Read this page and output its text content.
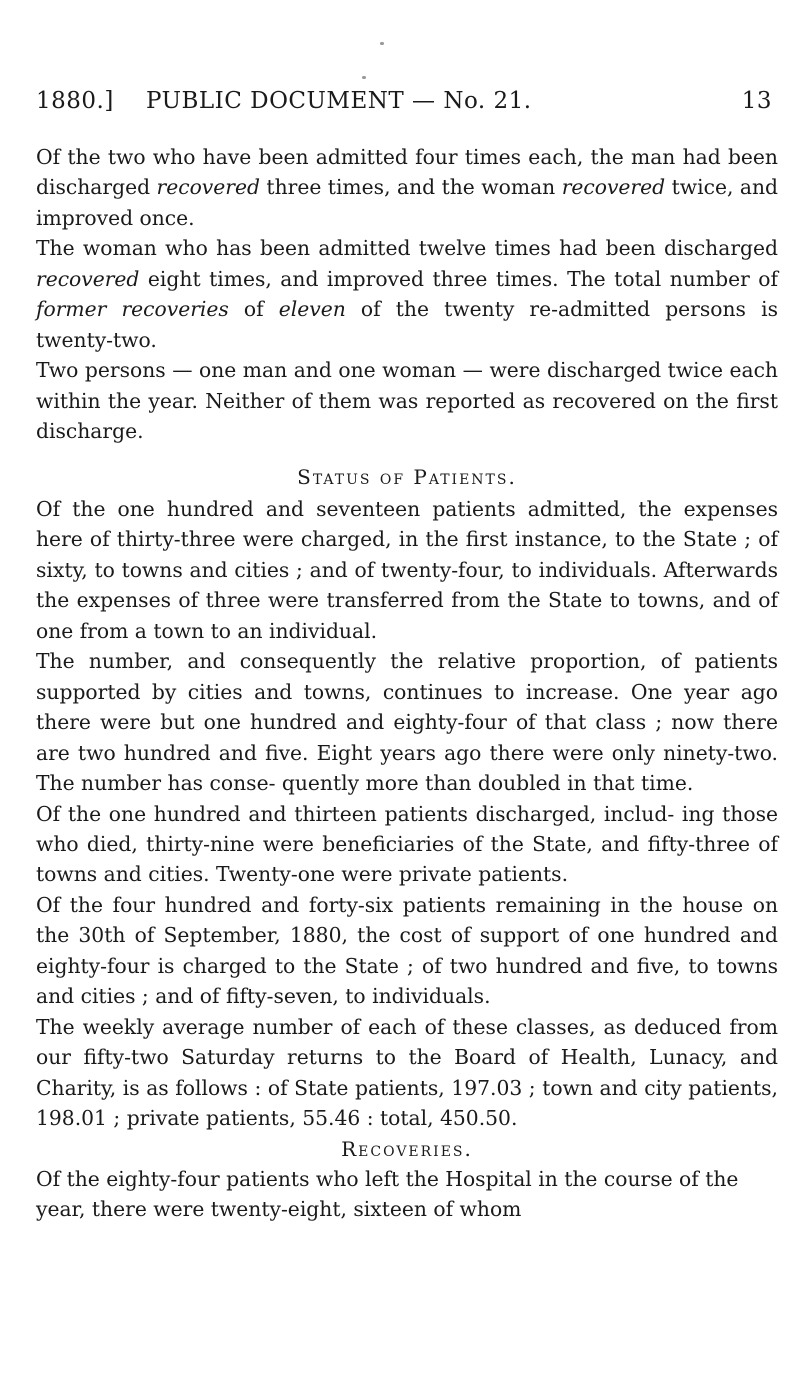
1880.] PUBLIC DOCUMENT — No. 21.	13

Of the two who have been admitted four times each, the man had been discharged recovered three times, and the woman recovered twice, and improved once.

The woman who has been admitted twelve times had been discharged recovered eight times, and improved three times. The total number of former recoveries of eleven of the twenty re-admitted persons is twenty-two.

Two persons — one man and one woman — were discharged twice each within the year. Neither of them was reported as recovered on the first discharge.

Status of Patients.

Of the one hundred and seventeen patients admitted, the expenses here of thirty-three were charged, in the first instance, to the State ; of sixty, to towns and cities ; and of twenty-four, to individuals. Afterwards the expenses of three were transferred from the State to towns, and of one from a town to an individual.

The number, and consequently the relative proportion, of patients supported by cities and towns, continues to increase. One year ago there were but one hundred and eighty-four of that class ; now there are two hundred and five. Eight years ago there were only ninety-two. The number has conse- quently more than doubled in that time.

Of the one hundred and thirteen patients discharged, includ- ing those who died, thirty-nine were beneficiaries of the State, and fifty-three of towns and cities. Twenty-one were private patients.

Of the four hundred and forty-six patients remaining in the house on the 30th of September, 1880, the cost of support of one hundred and eighty-four is charged to the State ; of two hundred and five, to towns and cities ; and of fifty-seven, to individuals.

The weekly average number of each of these classes, as deduced from our fifty-two Saturday returns to the Board of Health, Lunacy, and Charity, is as follows : of State patients, 197.03 ; town and city patients, 198.01 ; private patients, 55.46 : total, 450.50.

Recoveries.

Of the eighty-four patients who left the Hospital in the course of the year, there were twenty-eight, sixteen of whom
